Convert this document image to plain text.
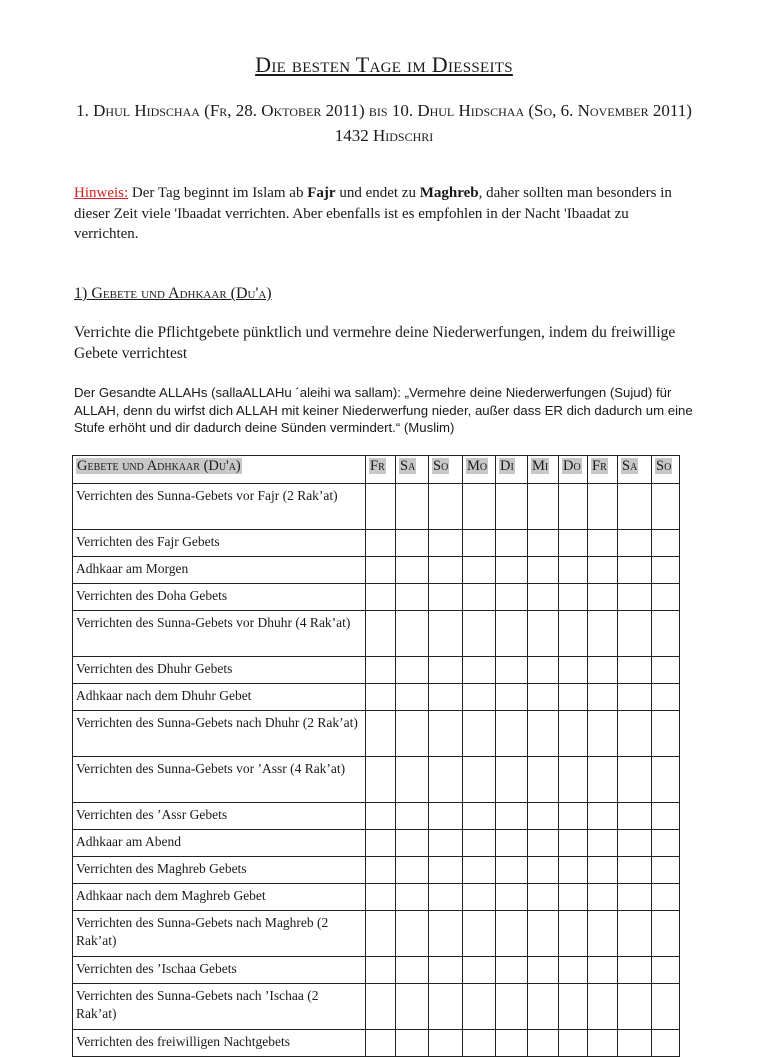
Die besten Tage im Diesseits
1. Dhul Hidschaa (Fr, 28. Oktober 2011) bis 10. Dhul Hidschaa (So, 6. November 2011) 1432 Hidschri
Hinweis: Der Tag beginnt im Islam ab Fajr und endet zu Maghreb, daher sollten man besonders in dieser Zeit viele 'Ibaadat verrichten. Aber ebenfalls ist es empfohlen in der Nacht 'Ibaadat zu verrichten.
1) Gebete und Adhkaar (Du'a)
Verrichte die Pflichtgebete pünktlich und vermehre deine Niederwerfungen, indem du freiwillige Gebete verrichtest
Der Gesandte ALLAHs (sallaALLAHu ´aleihi wa sallam): „Vermehre deine Niederwerfungen (Sujud) für ALLAH, denn du wirfst dich ALLAH mit keiner Niederwerfung nieder, außer dass ER dich dadurch um eine Stufe erhöht und dir dadurch deine Sünden vermindert.“ (Muslim)
Gebete und Adhkaar (Du'a)	Fr	Sa	So	Mo	Di	Mi	Do	Fr	Sa	So
Verrichten des Sunna-Gebets vor Fajr (2 Rak’at)										
Verrichten des Fajr Gebets										
Adhkaar am Morgen										
Verrichten des Doha Gebets										
Verrichten des Sunna-Gebets vor Dhuhr (4 Rak’at)										
Verrichten des Dhuhr Gebets										
Adhkaar nach dem Dhuhr Gebet										
Verrichten des Sunna-Gebets nach Dhuhr (2 Rak’at)										
Verrichten des Sunna-Gebets vor ’Assr (4 Rak’at)										
Verrichten des ’Assr Gebets										
Adhkaar am Abend										
Verrichten des Maghreb Gebets										
Adhkaar nach dem Maghreb Gebet										
Verrichten des Sunna-Gebets nach Maghreb (2 Rak’at)										
Verrichten des ’Ischaa Gebets										
Verrichten des Sunna-Gebets nach ’Ischaa (2 Rak’at)										
Verrichten des freiwilligen Nachtgebets										
